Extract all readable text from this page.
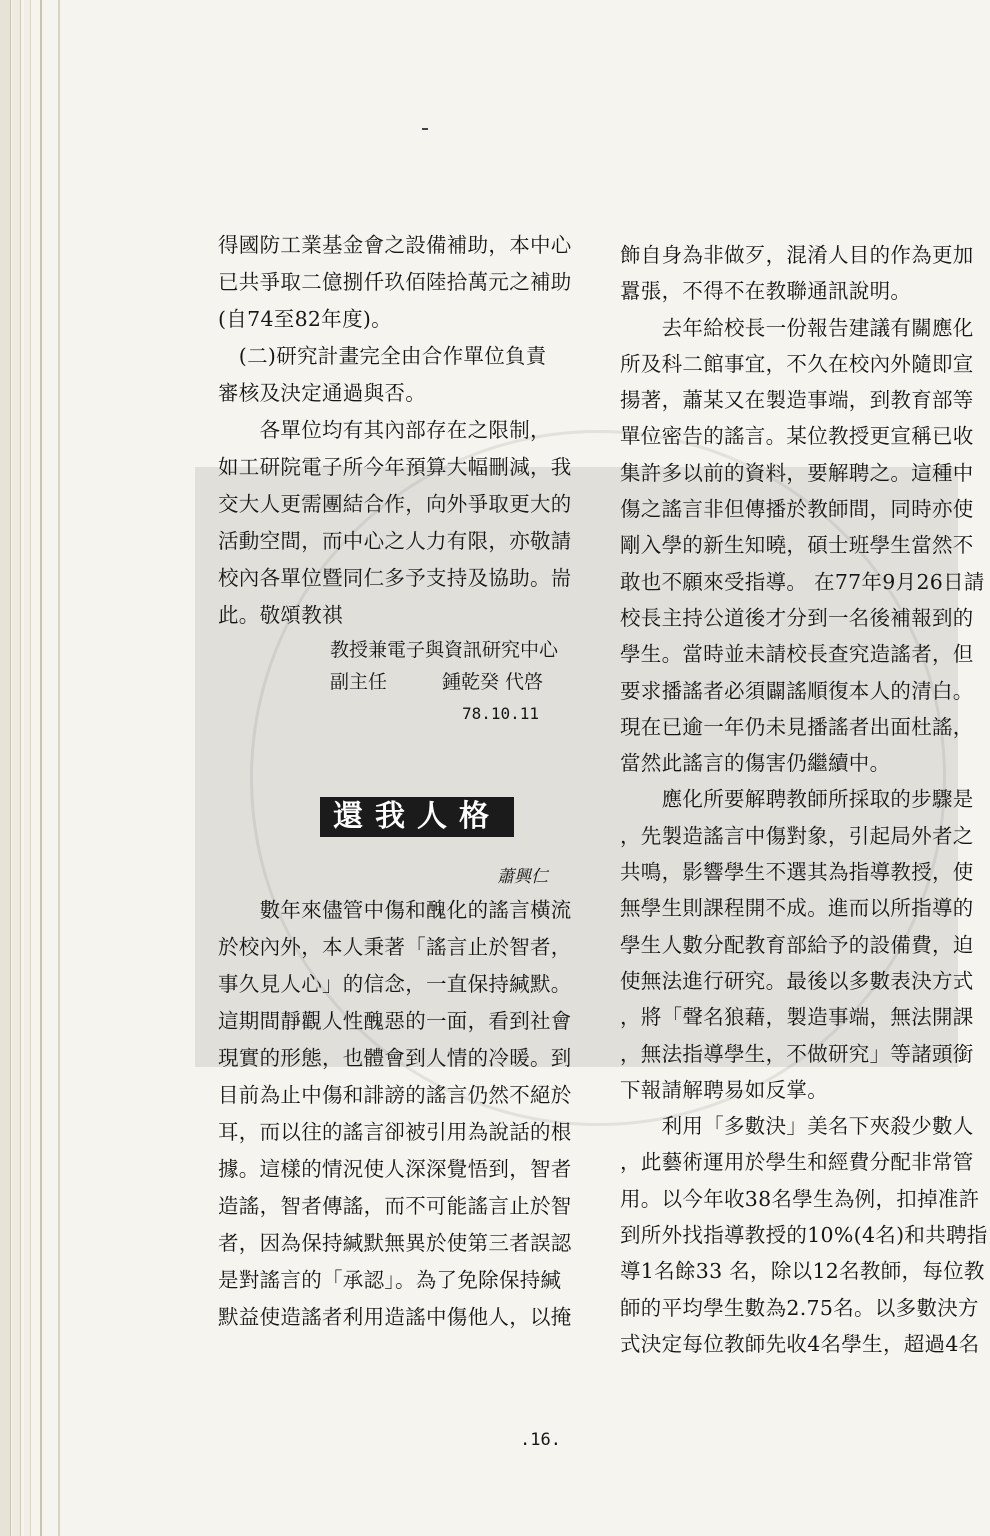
得國防工業基金會之設備補助，本中心
已共爭取二億捌仟玖佰陸拾萬元之補助
(自74至82年度)。
　(二)研究計畫完全由合作單位負責
審核及決定通過與否。
　　各單位均有其內部存在之限制，
如工研院電子所今年預算大幅刪減，我
交大人更需團結合作，向外爭取更大的
活動空間，而中心之人力有限，亦敬請
校內各單位暨同仁多予支持及協助。耑
此。敬頌教祺
教授兼電子與資訊研究中心
副主任	鍾乾癸 代啓
78.10.11
還我人格
蕭興仁
　　數年來儘管中傷和醜化的謠言橫流
於校內外，本人秉著「謠言止於智者，
事久見人心」的信念，一直保持緘默。
這期間靜觀人性醜惡的一面，看到社會
現實的形態，也體會到人情的冷暖。到
目前為止中傷和誹謗的謠言仍然不絕於
耳，而以往的謠言卻被引用為說話的根
據。這樣的情況使人深深覺悟到，智者
造謠，智者傳謠，而不可能謠言止於智
者，因為保持緘默無異於使第三者誤認
是對謠言的「承認」。為了免除保持緘
默益使造謠者利用造謠中傷他人，以掩
飾自身為非做歹，混淆人目的作為更加
囂張，不得不在教聯通訊說明。
　　去年給校長一份報告建議有關應化
所及科二館事宜，不久在校內外隨即宣
揚著，蕭某又在製造事端，到教育部等
單位密告的謠言。某位教授更宣稱已收
集許多以前的資料，要解聘之。這種中
傷之謠言非但傳播於教師間，同時亦使
剛入學的新生知曉，碩士班學生當然不
敢也不願來受指導。 在77年9月26日請
校長主持公道後才分到一名後補報到的
學生。當時並未請校長查究造謠者，但
要求播謠者必須闢謠順復本人的清白。
現在已逾一年仍未見播謠者出面杜謠，
當然此謠言的傷害仍繼續中。
　　應化所要解聘教師所採取的步驟是
，先製造謠言中傷對象，引起局外者之
共鳴，影響學生不選其為指導教授，使
無學生則課程開不成。進而以所指導的
學生人數分配教育部給予的設備費，迫
使無法進行研究。最後以多數表決方式
，將「聲名狼藉，製造事端，無法開課
，無法指導學生，不做研究」等諸頭銜
下報請解聘易如反掌。
　　利用「多數決」美名下夾殺少數人
，此藝術運用於學生和經費分配非常管
用。以今年收38名學生為例，扣掉准許
到所外找指導教授的10%(4名)和共聘指
導1名餘33 名，除以12名教師，每位教
師的平均學生數為2.75名。以多數決方
式決定每位教師先收4名學生，超過4名
.16.
